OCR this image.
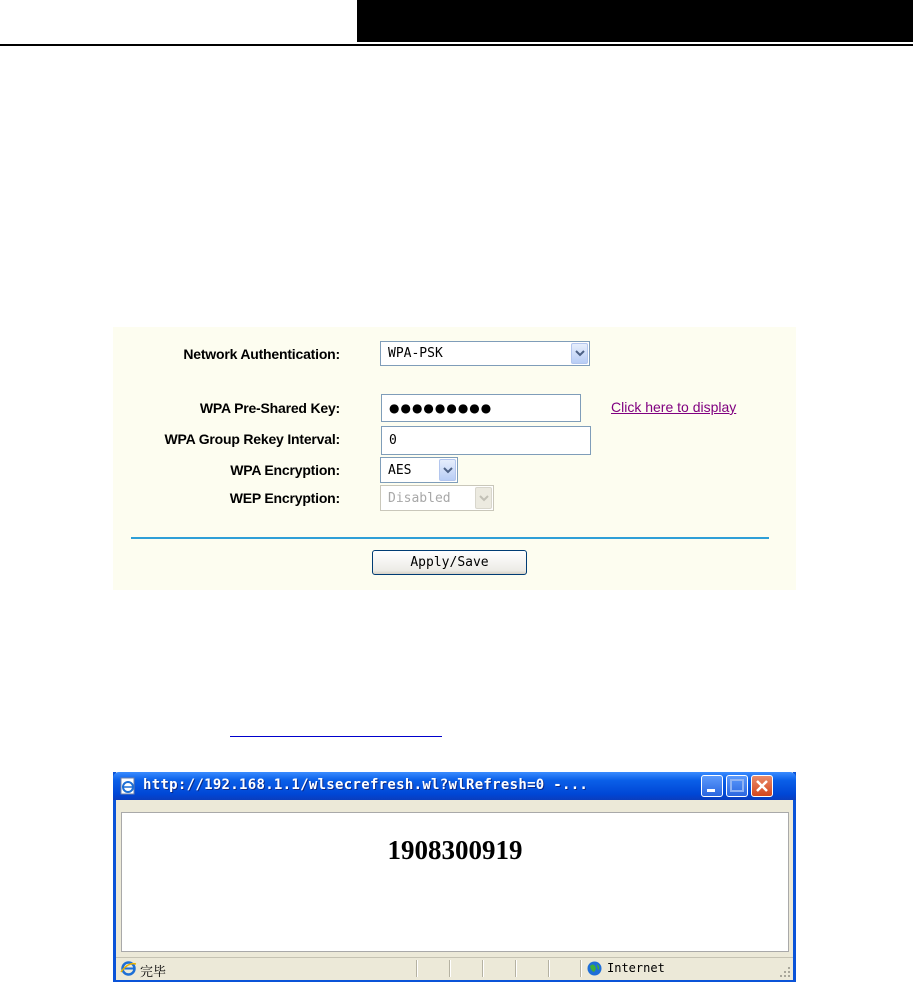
Network Authentication:	WPA-PSK
WPA Pre-Shared Key:	●●●●●●●●●	Click here to display
WPA Group Rekey Interval:	0
WPA Encryption:	AES
WEP Encryption:	Disabled
Apply/Save
http://192.168.1.1/wlsecrefresh.wl?wlRefresh=0 -...
1908300919
完毕	Internet
